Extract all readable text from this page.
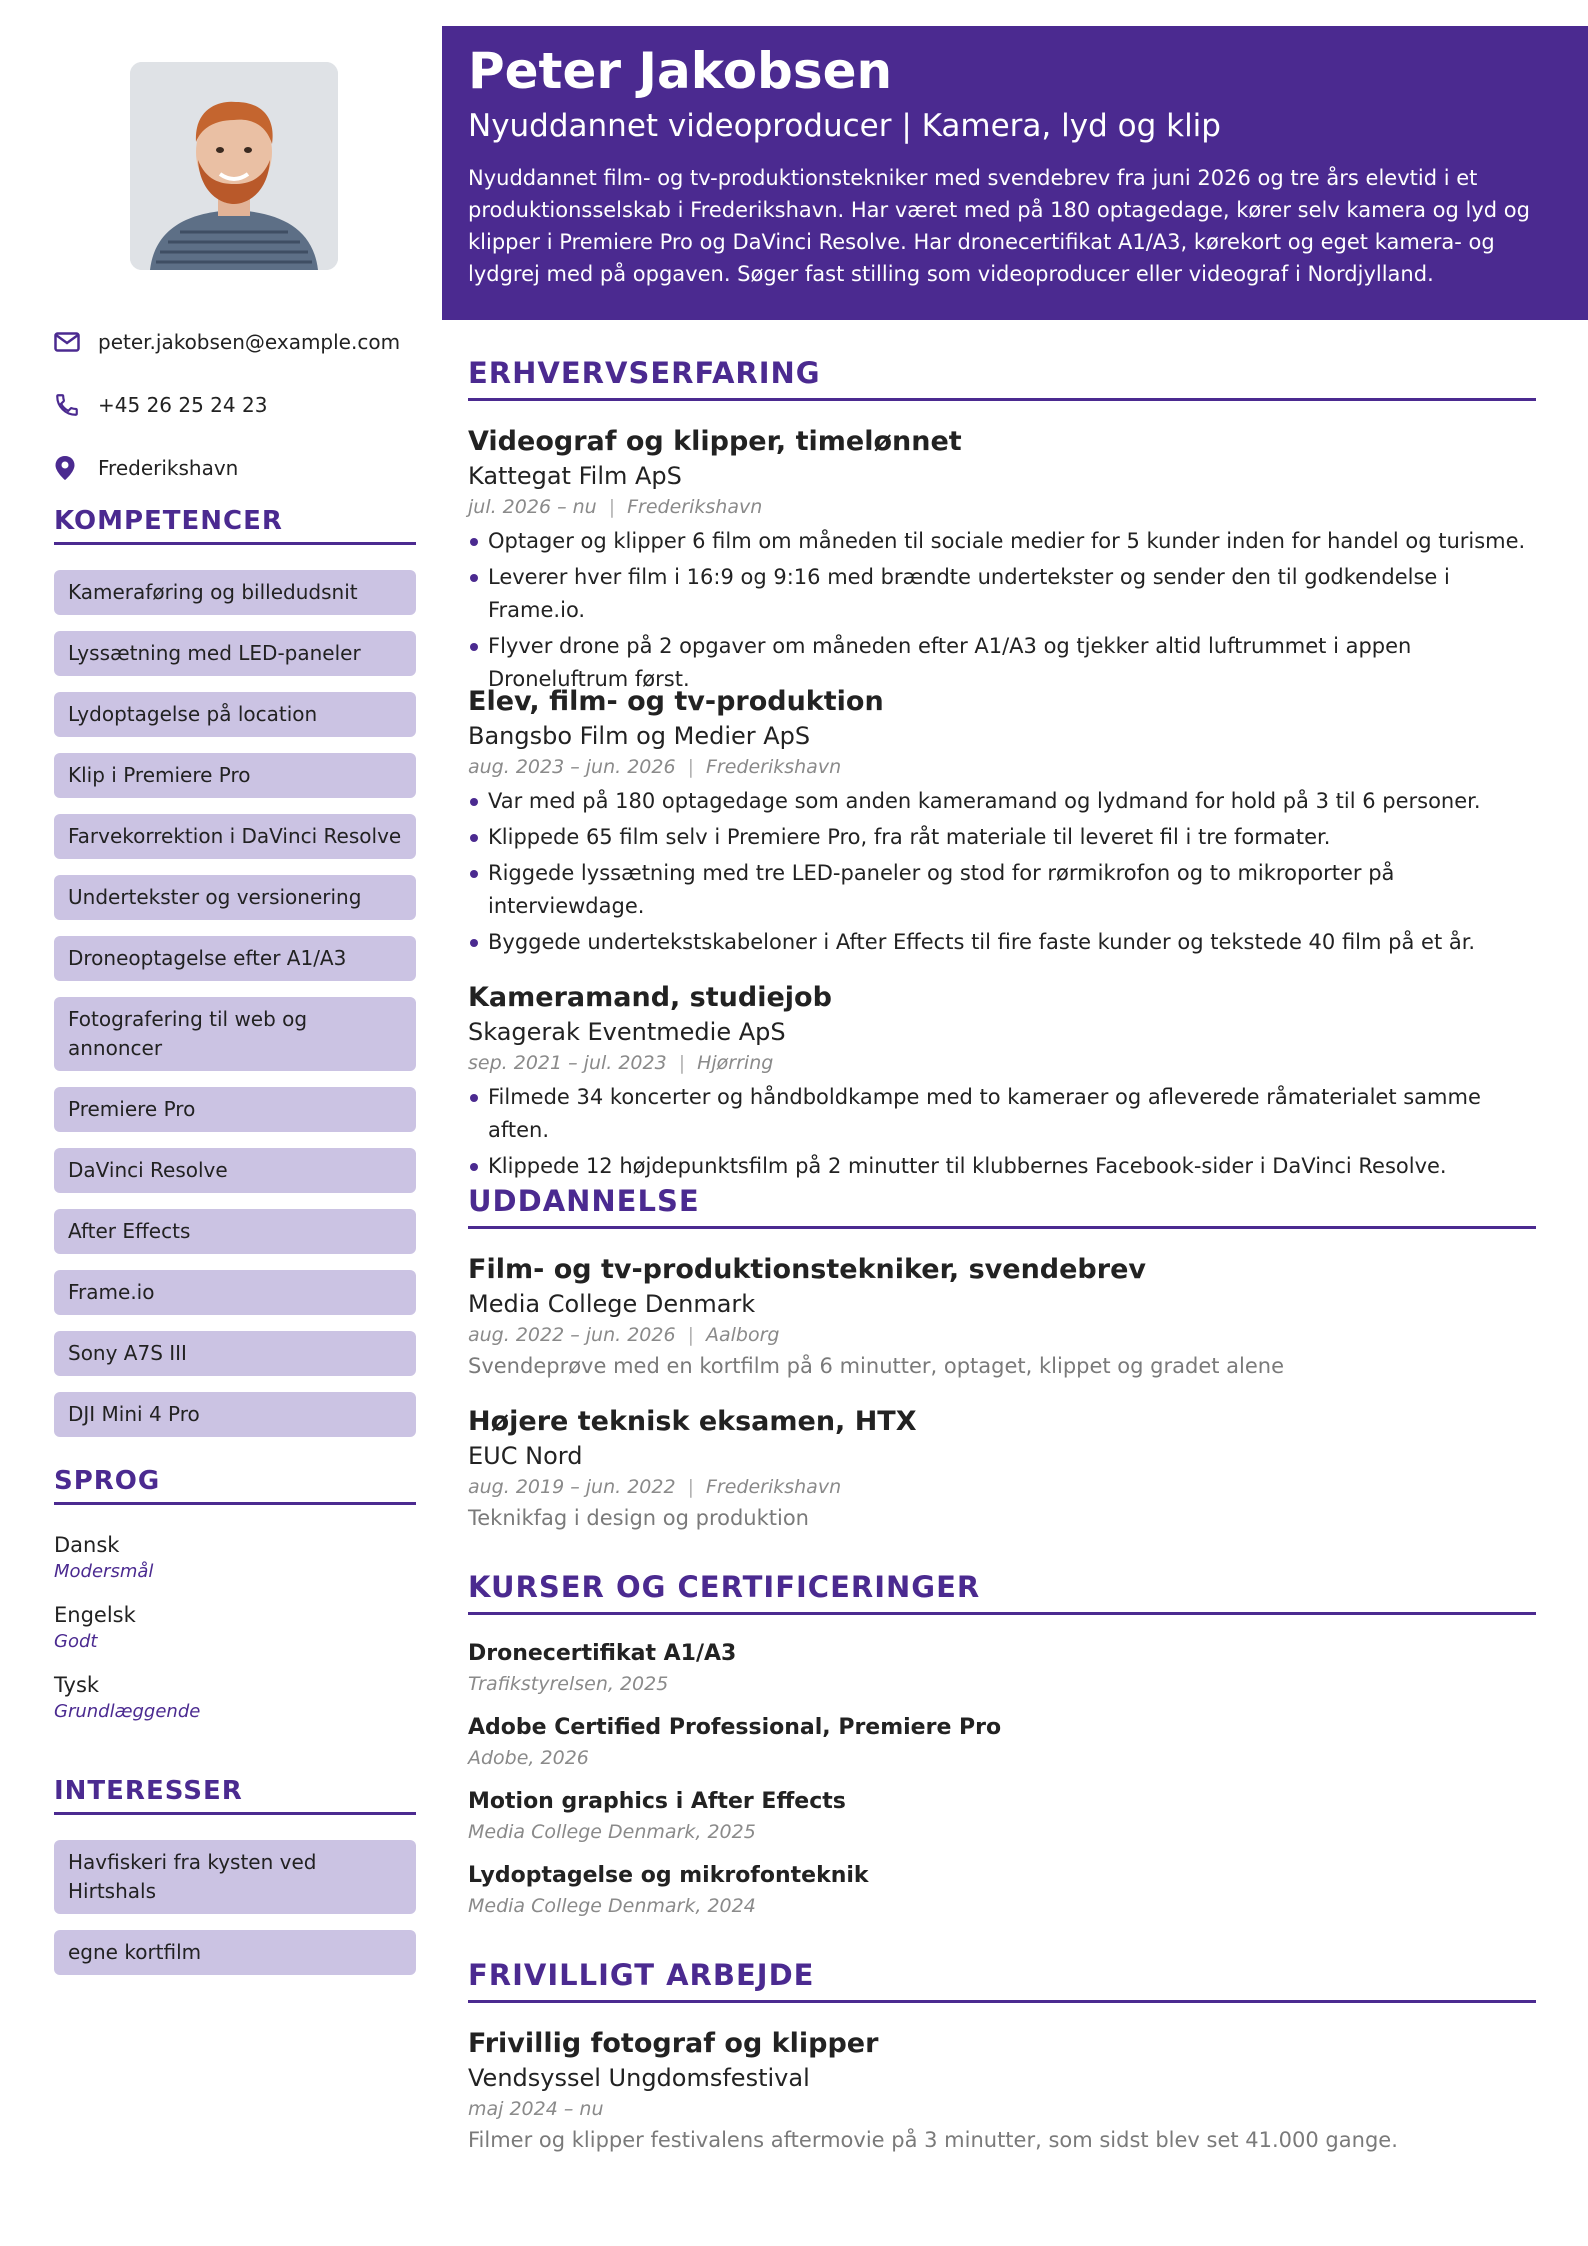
peter.jakobsen@example.com
+45 26 25 24 23
Frederikshavn
KOMPETENCER
Kameraføring og billedudsnit
Lyssætning med LED-paneler
Lydoptagelse på location
Klip i Premiere Pro
Farvekorrektion i DaVinci Resolve
Undertekster og versionering
Droneoptagelse efter A1/A3
Fotografering til web og annoncer
Premiere Pro
DaVinci Resolve
After Effects
Frame.io
Sony A7S III
DJI Mini 4 Pro
SPROG
Dansk
Modersmål
Engelsk
Godt
Tysk
Grundlæggende
INTERESSER
Havfiskeri fra kysten ved Hirtshals
egne kortfilm
Peter Jakobsen
Nyuddannet videoproducer | Kamera, lyd og klip
Nyuddannet film- og tv-produktionstekniker med svendebrev fra juni 2026 og tre års elevtid i et produktionsselskab i Frederikshavn. Har været med på 180 optagedage, kører selv kamera og lyd og klipper i Premiere Pro og DaVinci Resolve. Har dronecertifikat A1/A3, kørekort og eget kamera- og lydgrej med på opgaven. Søger fast stilling som videoproducer eller videograf i Nordjylland.
ERHVERVSERFARING
Videograf og klipper, timelønnet
Kattegat Film ApS
jul. 2026 – nu | Frederikshavn
Optager og klipper 6 film om måneden til sociale medier for 5 kunder inden for handel og turisme.
Leverer hver film i 16:9 og 9:16 med brændte undertekster og sender den til godkendelse i Frame.io.
Flyver drone på 2 opgaver om måneden efter A1/A3 og tjekker altid luftrummet i appen Droneluftrum først.
Elev, film- og tv-produktion
Bangsbo Film og Medier ApS
aug. 2023 – jun. 2026 | Frederikshavn
Var med på 180 optagedage som anden kameramand og lydmand for hold på 3 til 6 personer.
Klippede 65 film selv i Premiere Pro, fra råt materiale til leveret fil i tre formater.
Riggede lyssætning med tre LED-paneler og stod for rørmikrofon og to mikroporter på interviewdage.
Byggede undertekstskabeloner i After Effects til fire faste kunder og tekstede 40 film på et år.
Kameramand, studiejob
Skagerak Eventmedie ApS
sep. 2021 – jul. 2023 | Hjørring
Filmede 34 koncerter og håndboldkampe med to kameraer og afleverede råmaterialet samme aften.
Klippede 12 højdepunktsfilm på 2 minutter til klubbernes Facebook-sider i DaVinci Resolve.
UDDANNELSE
Film- og tv-produktionstekniker, svendebrev
Media College Denmark
aug. 2022 – jun. 2026 | Aalborg
Svendeprøve med en kortfilm på 6 minutter, optaget, klippet og gradet alene
Højere teknisk eksamen, HTX
EUC Nord
aug. 2019 – jun. 2022 | Frederikshavn
Teknikfag i design og produktion
KURSER OG CERTIFICERINGER
Dronecertifikat A1/A3
Trafikstyrelsen, 2025
Adobe Certified Professional, Premiere Pro
Adobe, 2026
Motion graphics i After Effects
Media College Denmark, 2025
Lydoptagelse og mikrofonteknik
Media College Denmark, 2024
FRIVILLIGT ARBEJDE
Frivillig fotograf og klipper
Vendsyssel Ungdomsfestival
maj 2024 – nu
Filmer og klipper festivalens aftermovie på 3 minutter, som sidst blev set 41.000 gange.
